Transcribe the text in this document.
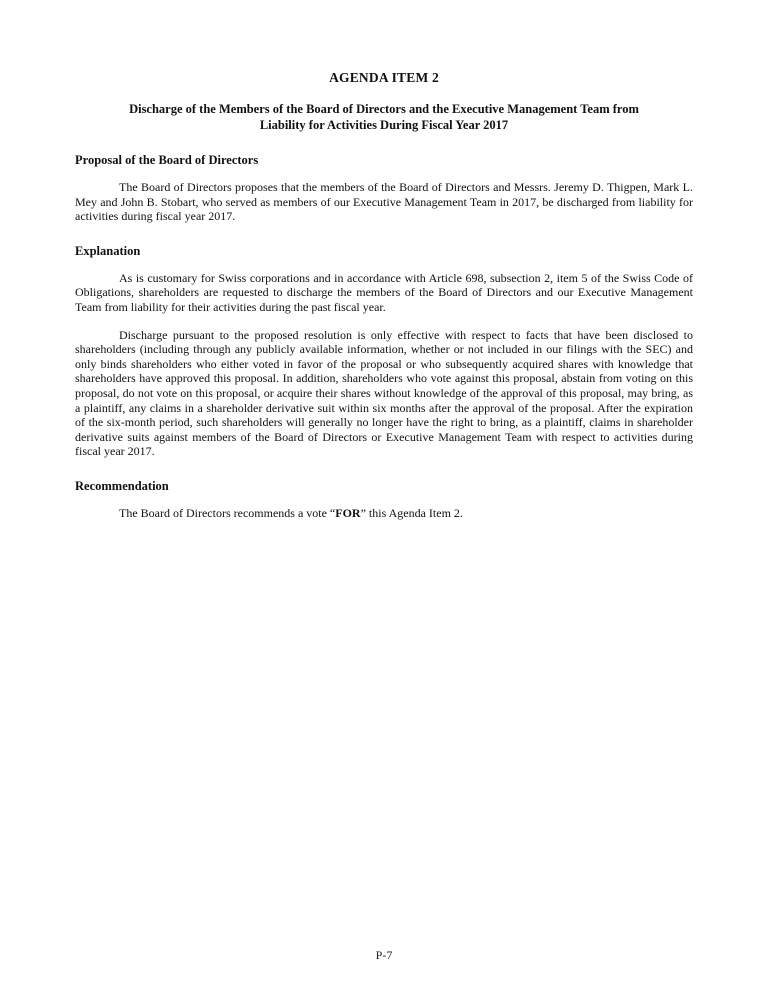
AGENDA ITEM 2
Discharge of the Members of the Board of Directors and the Executive Management Team from
Liability for Activities During Fiscal Year 2017
Proposal of the Board of Directors

The Board of Directors proposes that the members of the Board of Directors and Messrs. Jeremy D. Thigpen, Mark L. Mey and John B. Stobart, who served as members of our Executive Management Team in 2017, be discharged from liability for activities during fiscal year 2017.

Explanation

As is customary for Swiss corporations and in accordance with Article 698, subsection 2, item 5 of the Swiss Code of Obligations, shareholders are requested to discharge the members of the Board of Directors and our Executive Management Team from liability for their activities during the past fiscal year.

Discharge pursuant to the proposed resolution is only effective with respect to facts that have been disclosed to shareholders (including through any publicly available information, whether or not included in our filings with the SEC) and only binds shareholders who either voted in favor of the proposal or who subsequently acquired shares with knowledge that shareholders have approved this proposal. In addition, shareholders who vote against this proposal, abstain from voting on this proposal, do not vote on this proposal, or acquire their shares without knowledge of the approval of this proposal, may bring, as a plaintiff, any claims in a shareholder derivative suit within six months after the approval of the proposal. After the expiration of the six-month period, such shareholders will generally no longer have the right to bring, as a plaintiff, claims in shareholder derivative suits against members of the Board of Directors or Executive Management Team with respect to activities during fiscal year 2017.

Recommendation

The Board of Directors recommends a vote “FOR” this Agenda Item 2.

P-7
